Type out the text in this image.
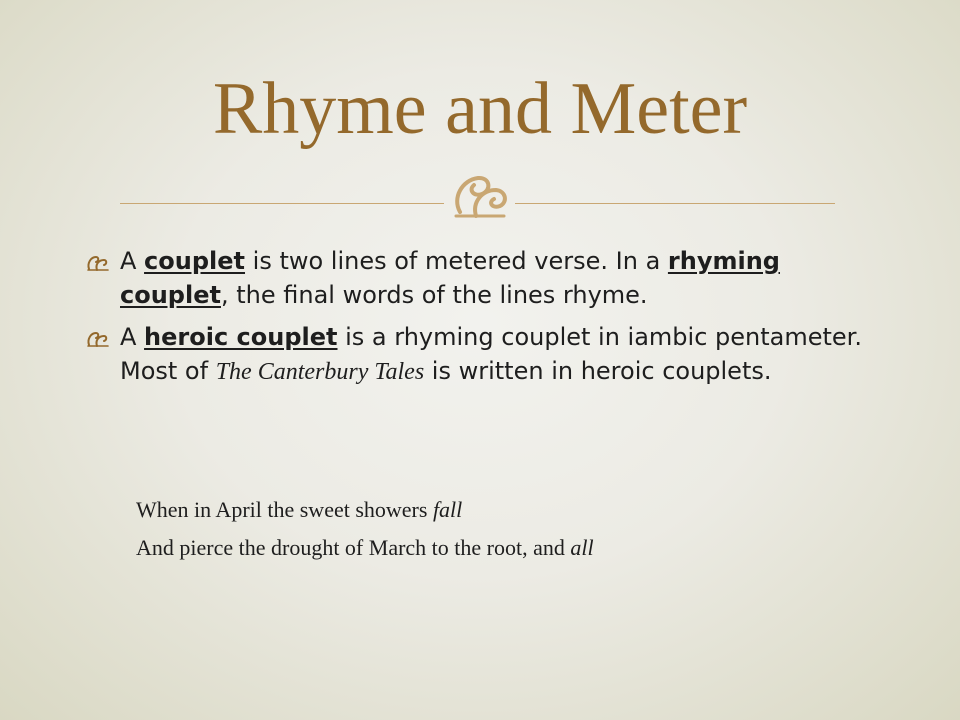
Rhyme and Meter
A couplet is two lines of metered verse. In a rhyming couplet, the final words of the lines rhyme.
A heroic couplet is a rhyming couplet in iambic pentameter. Most of The Canterbury Tales is written in heroic couplets.
When in April the sweet showers fall
And pierce the drought of March to the root, and all
